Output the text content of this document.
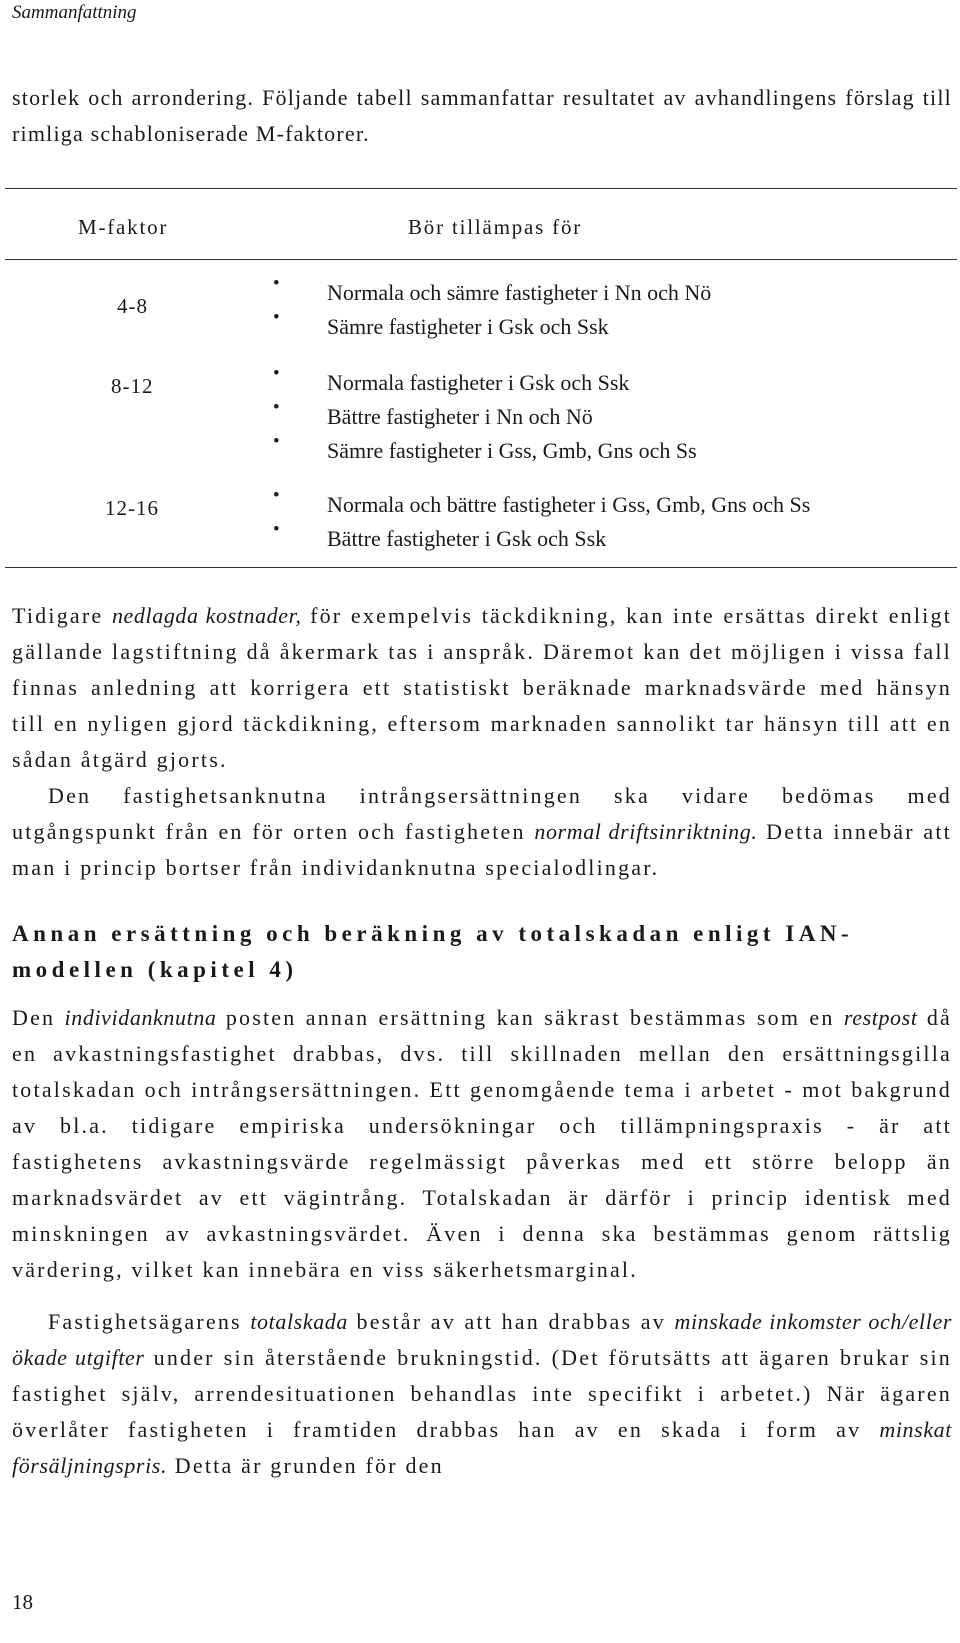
Sammanfattning

storlek och arrondering. Följande tabell sammanfattar resultatet av avhandlingens förslag till rimliga schabloniserade M-faktorer.

M-faktor	Bör tillämpas för
4-8
• Normala och sämre fastigheter i Nn och Nö
• Sämre fastigheter i Gsk och Ssk
8-12	• Normala fastigheter i Gsk och Ssk
• Bättre fastigheter i Nn och Nö
• Sämre fastigheter i Gss, Gmb, Gns och Ss
12-16	• Normala och bättre fastigheter i Gss, Gmb, Gns och Ss
• Bättre fastigheter i Gsk och Ssk

Tidigare nedlagda kostnader, för exempelvis täckdikning, kan inte ersättas direkt enligt gällande lagstiftning då åkermark tas i anspråk. Däremot kan det möjligen i vissa fall finnas anledning att korrigera ett statistiskt beräknade marknadsvärde med hänsyn till en nyligen gjord täckdikning, eftersom marknaden sannolikt tar hänsyn till att en sådan åtgärd gjorts.

Den fastighetsanknutna intrångsersättningen ska vidare bedömas med utgångspunkt från en för orten och fastigheten normal driftsinriktning. Detta innebär att man i princip bortser från individanknutna specialodlingar.

Annan ersättning och beräkning av totalskadan enligt IAN-modellen (kapitel 4)

Den individanknutna posten annan ersättning kan säkrast bestämmas som en restpost då en avkastningsfastighet drabbas, dvs. till skillnaden mellan den ersättningsgilla totalskadan och intrångsersättningen. Ett genomgående tema i arbetet - mot bakgrund av bl.a. tidigare empiriska undersökningar och tillämpningspraxis - är att fastighetens avkastningsvärde regelmässigt påverkas med ett större belopp än marknadsvärdet av ett vägintrång. Totalskadan är därför i princip identisk med minskningen av avkastningsvärdet. Även i denna ska bestämmas genom rättslig värdering, vilket kan innebära en viss säkerhetsmarginal.

Fastighetsägarens totalskada består av att han drabbas av minskade inkomster och/eller ökade utgifter under sin återstående brukningstid. (Det förutsätts att ägaren brukar sin fastighet själv, arrendesituationen behandlas inte specifikt i arbetet.) När ägaren överlåter fastigheten i framtiden drabbas han av en skada i form av minskat försäljningspris. Detta är grunden för den

18
